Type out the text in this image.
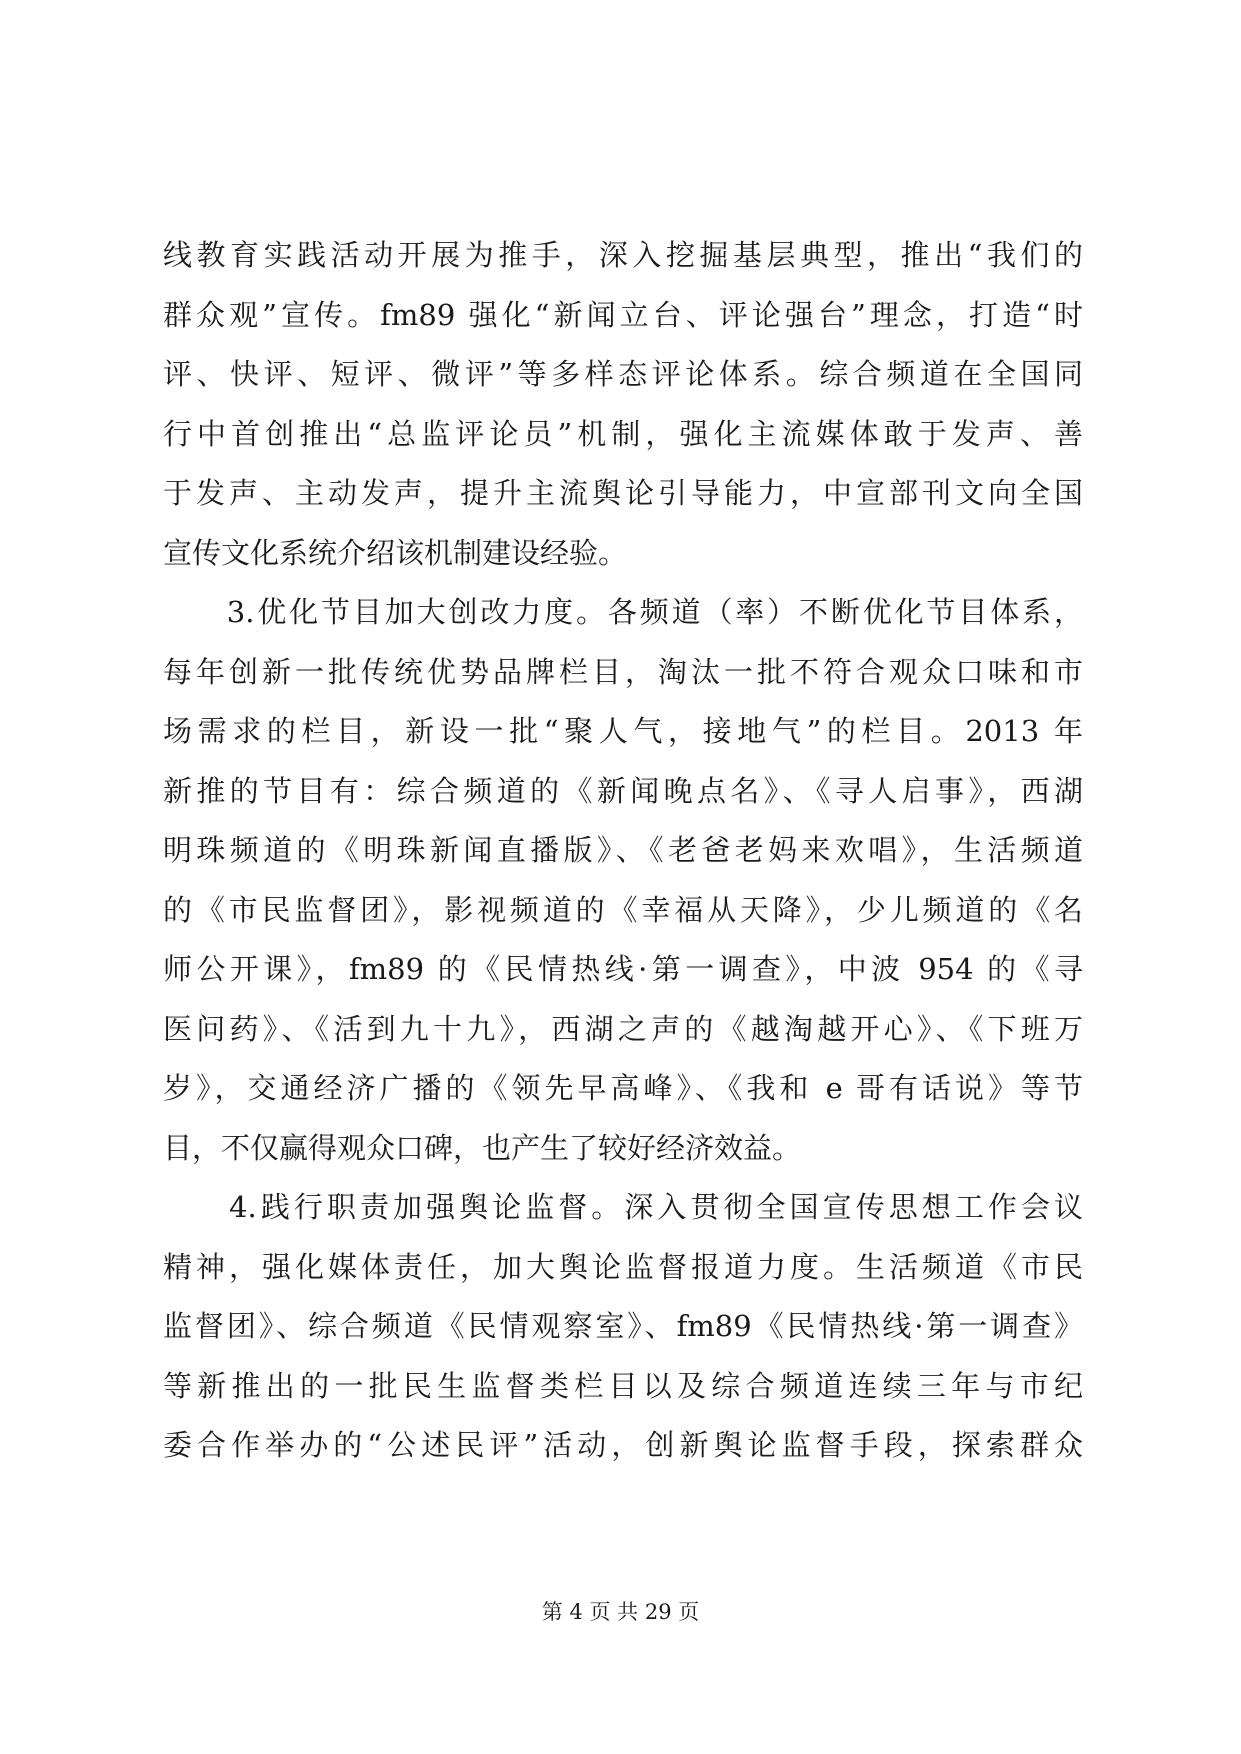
线教育实践活动开展为推手，深入挖掘基层典型，推出“我们的
群众观”宣传。fm89 强化“新闻立台、评论强台”理念，打造“时
评、快评、短评、微评”等多样态评论体系。综合频道在全国同
行中首创推出“总监评论员”机制，强化主流媒体敢于发声、善
于发声、主动发声，提升主流舆论引导能力，中宣部刊文向全国
宣传文化系统介绍该机制建设经验。
　　3.优化节目加大创改力度。各频道（率）不断优化节目体系，
每年创新一批传统优势品牌栏目，淘汰一批不符合观众口味和市
场需求的栏目，新设一批“聚人气，接地气”的栏目。2013 年
新推的节目有：综合频道的《新闻晚点名》、《寻人启事》，西湖
明珠频道的《明珠新闻直播版》、《老爸老妈来欢唱》，生活频道
的《市民监督团》，影视频道的《幸福从天降》，少儿频道的《名
师公开课》，fm89 的《民情热线·第一调查》，中波 954 的《寻
医问药》、《活到九十九》，西湖之声的《越淘越开心》、《下班万
岁》，交通经济广播的《领先早高峰》、《我和 e 哥有话说》等节
目，不仅赢得观众口碑，也产生了较好经济效益。
　　4.践行职责加强舆论监督。深入贯彻全国宣传思想工作会议
精神，强化媒体责任，加大舆论监督报道力度。生活频道《市民
监督团》、综合频道《民情观察室》、fm89《民情热线·第一调查》
等新推出的一批民生监督类栏目以及综合频道连续三年与市纪
委合作举办的“公述民评”活动，创新舆论监督手段，探索群众
第 4 页 共 29 页
